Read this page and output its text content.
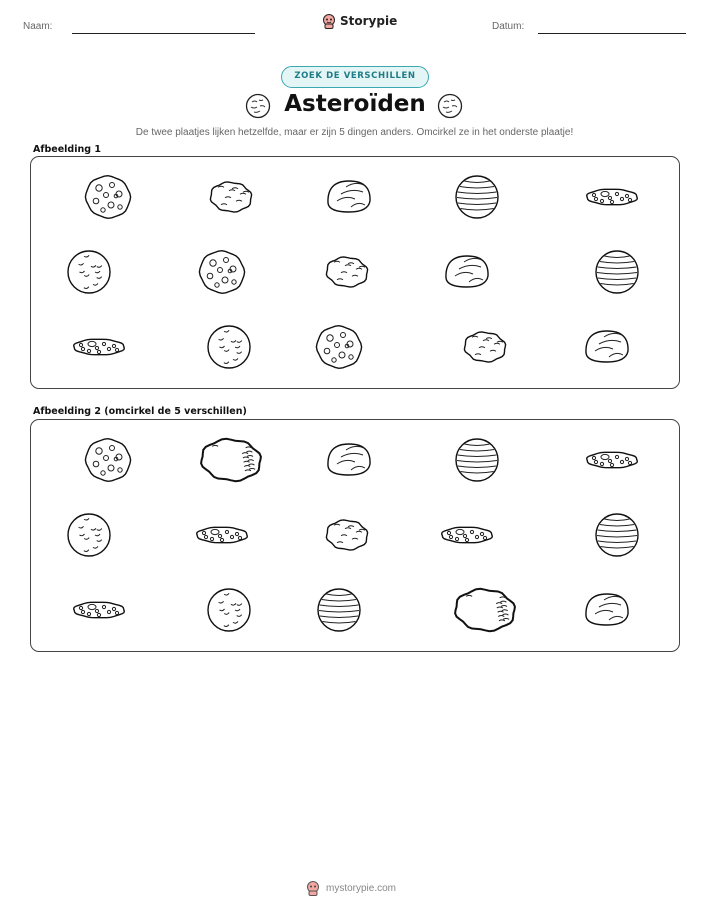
Naam:	Storypie	Datum:
ZOEK DE VERSCHILLEN
Asteroïden
De twee plaatjes lijken hetzelfde, maar er zijn 5 dingen anders. Omcirkel ze in het onderste plaatje!
Afbeelding 1
Afbeelding 2 (omcirkel de 5 verschillen)
mystorypie.com
